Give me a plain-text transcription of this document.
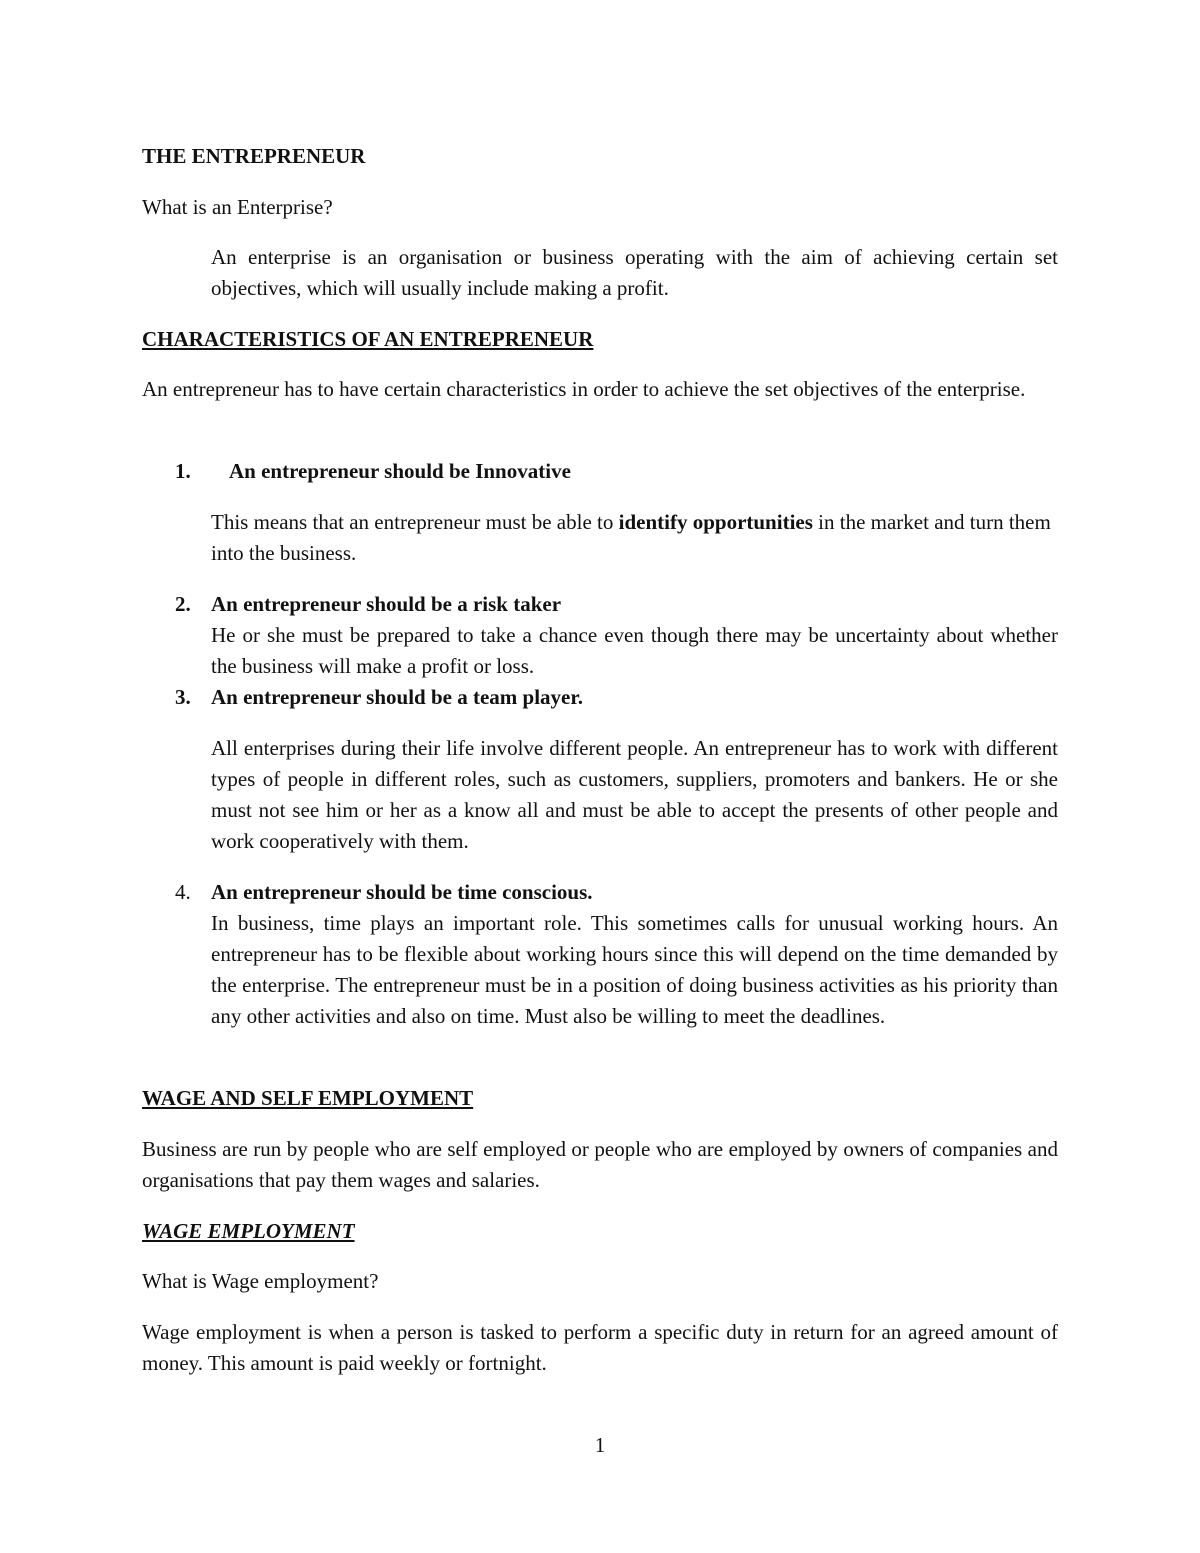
THE ENTREPRENEUR

What is an Enterprise?

An enterprise is an organisation or business operating with the aim of achieving certain set objectives, which will usually include making a profit.

CHARACTERISTICS OF AN ENTREPRENEUR

An entrepreneur has to have certain characteristics in order to achieve the set objectives of the enterprise.

1. An entrepreneur should be Innovative

This means that an entrepreneur must be able to identify opportunities in the market and turn them into the business.

2. An entrepreneur should be a risk taker

He or she must be prepared to take a chance even though there may be uncertainty about whether the business will make a profit or loss.

3. An entrepreneur should be a team player.

All enterprises during their life involve different people. An entrepreneur has to work with different types of people in different roles, such as customers, suppliers, promoters and bankers. He or she must not see him or her as a know all and must be able to accept the presents of other people and work cooperatively with them.

4. An entrepreneur should be time conscious.

In business, time plays an important role. This sometimes calls for unusual working hours. An entrepreneur has to be flexible about working hours since this will depend on the time demanded by the enterprise. The entrepreneur must be in a position of doing business activities as his priority than any other activities and also on time. Must also be willing to meet the deadlines.

WAGE AND SELF EMPLOYMENT

Business are run by people who are self employed or people who are employed by owners of companies and organisations that pay them wages and salaries.

WAGE EMPLOYMENT

What is Wage employment?

Wage employment is when a person is tasked to perform a specific duty in return for an agreed amount of money. This amount is paid weekly or fortnight.

1
